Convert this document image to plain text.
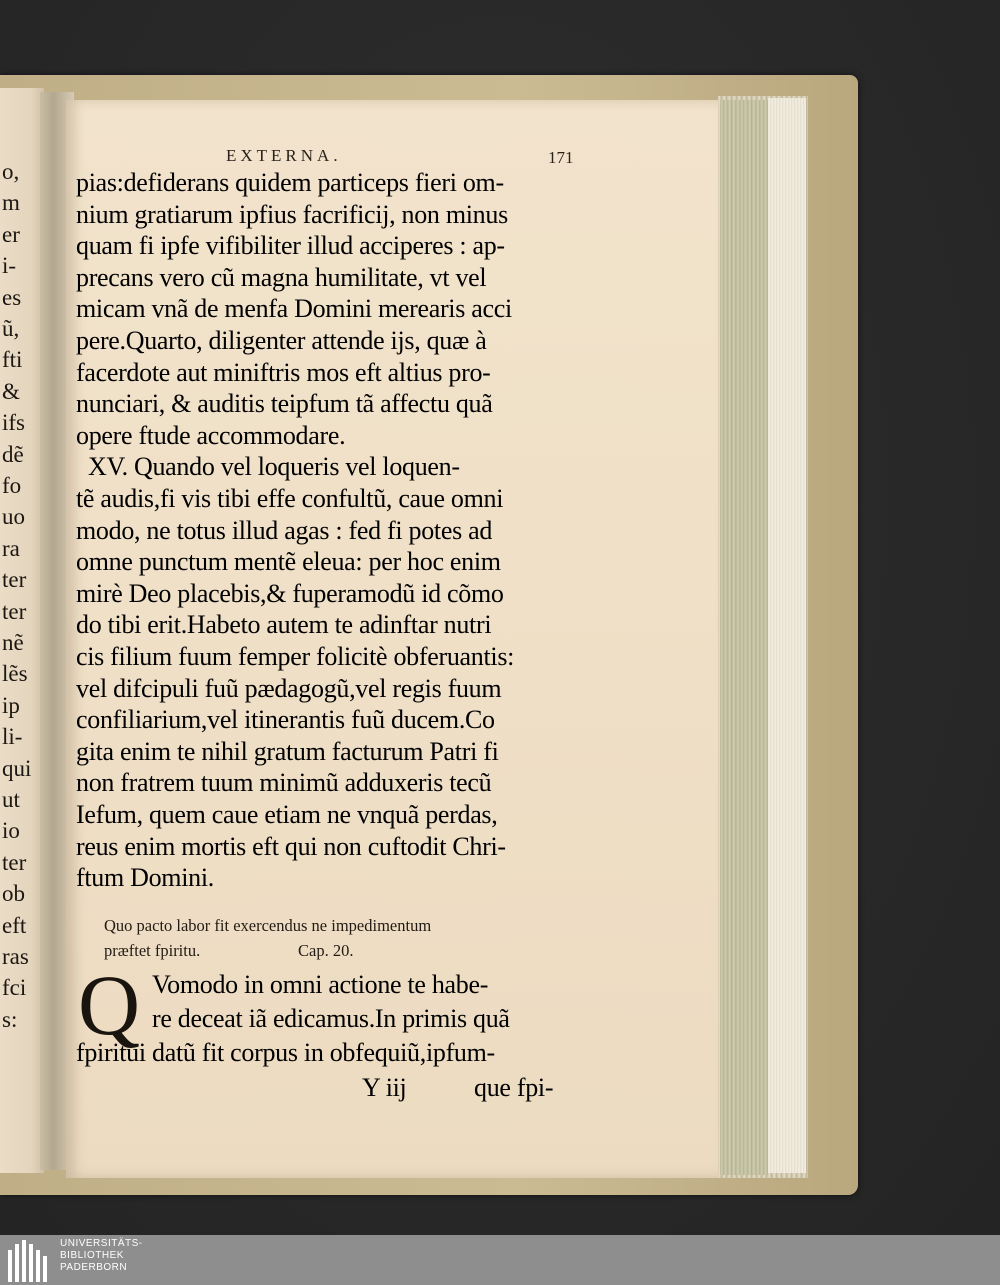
o,
m
er
i-
es
ũ,
fti
&
ifs
dẽ
fo
uo
ra
ter
ter
nẽ
lẽs
ip
li-
qui
ut
io
ter
ob
eft
ras
fci
s:
EXTERNA.	171
Quo pacto labor fit exercendus ne impedimentum
præftet fpiritu.	Cap. 20.
Q
Y iij	que fpi-
pias:defiderans quidem particeps fieri om-
nium gratiarum ipfius facrificij, non minus
quam fi ipfe vifibiliter illud acciperes : ap-
precans vero cũ magna humilitate, vt vel
micam vnã de menfa Domini merearis acci
pere.Quarto, diligenter attende ijs, quæ à
facerdote aut miniftris mos eft altius pro-
nunciari, & auditis teipfum tã affectu quã
opere ftude accommodare.
XV. Quando vel loqueris vel loquen-
tẽ audis,fi vis tibi effe confultũ, caue omni
modo, ne totus illud agas : fed fi potes ad
omne punctum mentẽ eleua: per hoc enim
mirè Deo placebis,& fuperamodũ id cõmo
do tibi erit.Habeto autem te adinftar nutri
cis filium fuum femper folicitè obferuantis:
vel difcipuli fuũ pædagogũ,vel regis fuum
confiliarium,vel itinerantis fuũ ducem.Co
gita enim te nihil gratum facturum Patri fi
non fratrem tuum minimũ adduxeris tecũ
Iefum, quem caue etiam ne vnquã perdas,
reus enim mortis eft qui non cuftodit Chri-
ftum Domini.
Vomodo in omni actione te habe-
re deceat iã edicamus.In primis quã
fpiritui datũ fit corpus in obfequiũ,ipfum-
UNIVERSITÄTS-
BIBLIOTHEK
PADERBORN
